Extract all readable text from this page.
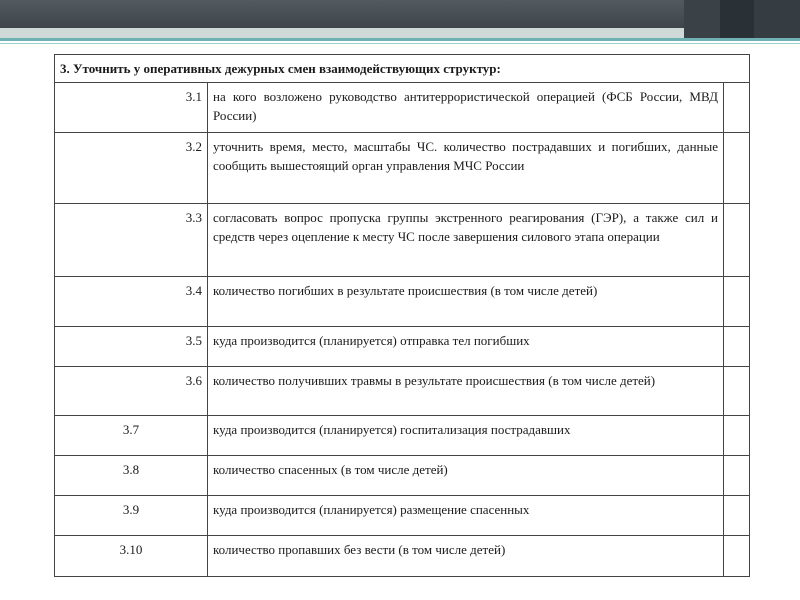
3. Уточнить у оперативных дежурных смен взаимодействующих структур:		
3.1	на кого возложено руководство антитеррористической операцией (ФСБ России, МВД России)	
3.2	уточнить время, место, масштабы ЧС. количество пострадавших и погибших, данные сообщить вышестоящий орган управления МЧС России	
3.3	согласовать вопрос пропуска группы экстренного реагирования (ГЭР), а также сил и средств через оцепление к месту ЧС после завершения силового этапа операции	
3.4	количество погибших в результате происшествия (в том числе детей)	
3.5	куда производится (планируется) отправка тел погибших	
3.6	количество получивших травмы в результате происшествия (в том числе детей)	
3.7	куда производится (планируется) госпитализация пострадавших	
3.8	количество спасенных (в том числе детей)	
3.9	куда производится (планируется) размещение спасенных	
3.10	количество пропавших без вести (в том числе детей)	
